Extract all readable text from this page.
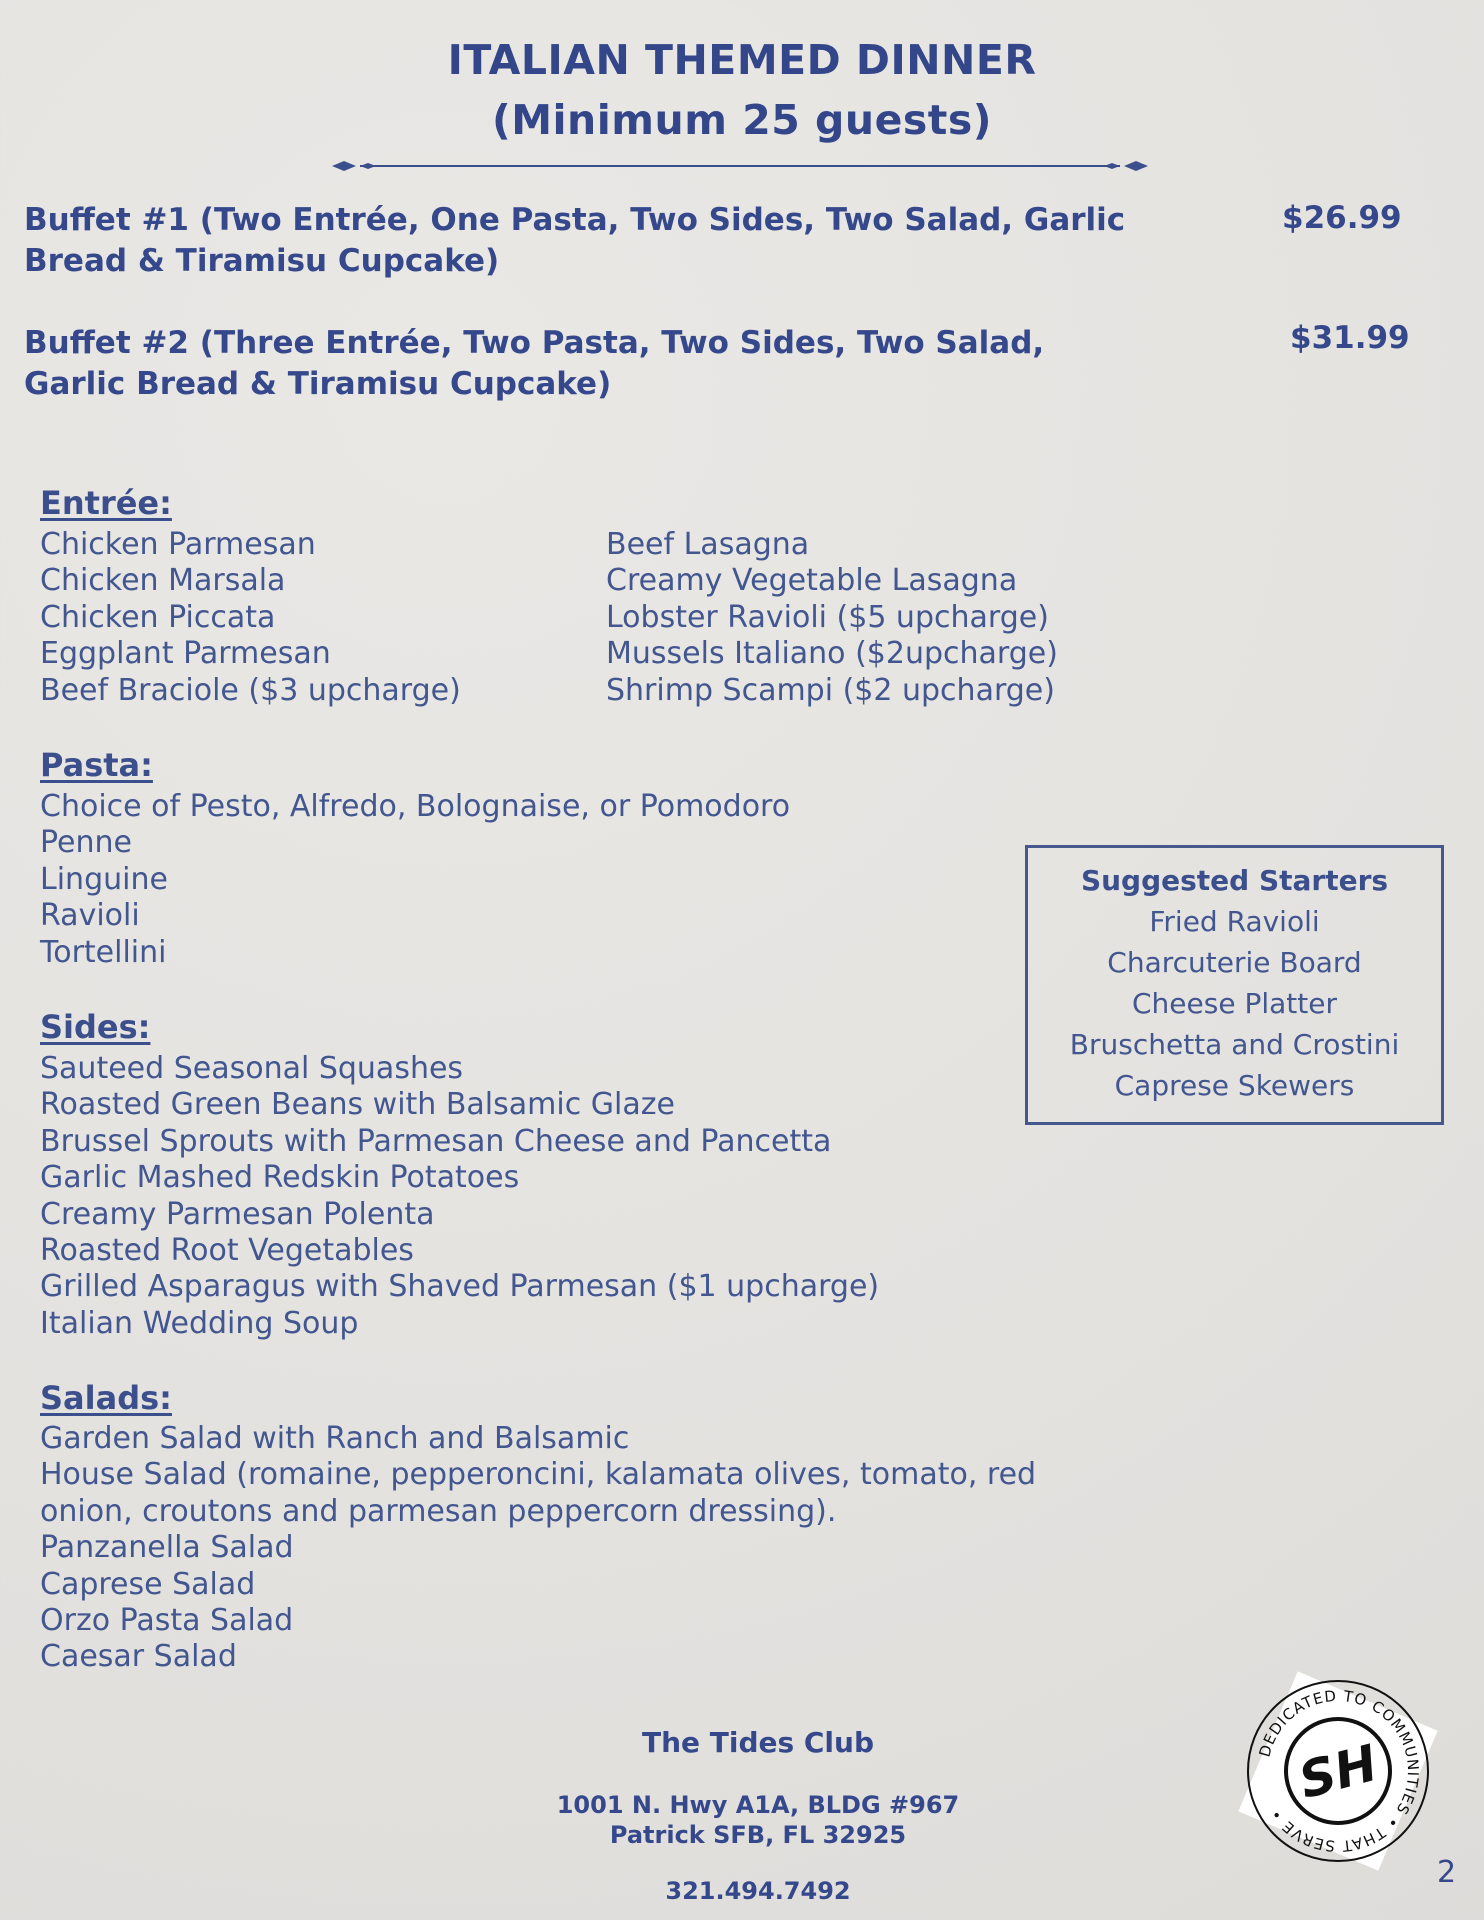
ITALIAN THEMED DINNER
(Minimum 25 guests)
Buffet #1 (Two Entrée, One Pasta, Two Sides, Two Salad, Garlic
Bread & Tiramisu Cupcake)
$26.99
Buffet #2 (Three Entrée, Two Pasta, Two Sides, Two Salad,
Garlic Bread & Tiramisu Cupcake)
$31.99
Entrée:
Chicken Parmesan
Chicken Marsala
Chicken Piccata
Eggplant Parmesan
Beef Braciole ($3 upcharge)
Beef Lasagna
Creamy Vegetable Lasagna
Lobster Ravioli ($5 upcharge)
Mussels Italiano ($2upcharge)
Shrimp Scampi ($2 upcharge)
Pasta:
Choice of Pesto, Alfredo, Bolognaise, or Pomodoro
Penne
Linguine
Ravioli
Tortellini
Sides:
Sauteed Seasonal Squashes
Roasted Green Beans with Balsamic Glaze
Brussel Sprouts with Parmesan Cheese and Pancetta
Garlic Mashed Redskin Potatoes
Creamy Parmesan Polenta
Roasted Root Vegetables
Grilled Asparagus with Shaved Parmesan ($1 upcharge)
Italian Wedding Soup
Salads:
Garden Salad with Ranch and Balsamic
House Salad (romaine, pepperoncini, kalamata olives, tomato, red
onion, croutons and parmesan peppercorn dressing).
Panzanella Salad
Caprese Salad
Orzo Pasta Salad
Caesar Salad
Suggested Starters
Fried Ravioli
Charcuterie Board
Cheese Platter
Bruschetta and Crostini
Caprese Skewers
The Tides Club
1001 N. Hwy A1A, BLDG #967
Patrick SFB, FL 32925
321.494.7492
DEDICATED TO COMMUNITIES • THAT SERVE •
SH
2
